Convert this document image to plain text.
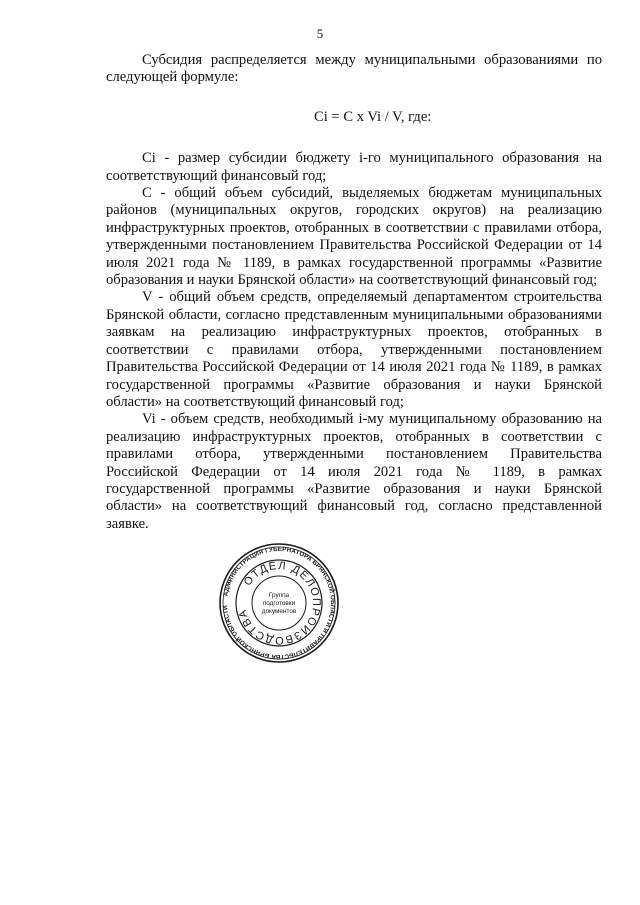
5

Субсидия распределяется между муниципальными образованиями по следующей формуле:

Ci = C x Vi / V, где:

Ci - размер субсидии бюджету i-го муниципального образования на соответствующий финансовый год;

С - общий объем субсидий, выделяемых бюджетам муниципальных районов (муниципальных округов, городских округов) на реализацию инфраструктурных проектов, отобранных в соответствии с правилами отбора, утвержденными постановлением Правительства Российской Федерации от 14 июля 2021 года № 1189, в рамках государственной программы «Развитие образования и науки Брянской области» на соответствующий финансовый год;

V - общий объем средств, определяемый департаментом строительства Брянской области, согласно представленным муниципальными образованиями заявкам на реализацию инфраструктурных проектов, отобранных в соответствии с правилами отбора, утвержденными постановлением Правительства Российской Федерации от 14 июля 2021 года № 1189, в рамках государственной программы «Развитие образования и науки Брянской области» на соответствующий финансовый год;

Vi - объем средств, необходимый i-му муниципальному образованию на реализацию инфраструктурных проектов, отобранных в соответствии с правилами отбора, утвержденными постановлением Правительства Российской Федерации от 14 июля 2021 года № 1189, в рамках государственной программы «Развитие образования и науки Брянской области» на соответствующий финансовый год, согласно представленной заявке.

АДМИНИСТРАЦИЯ ГУБЕРНАТОРА БРЯНСКОЙ ОБЛАСТИ И ПРАВИТЕЛЬСТВА БРЯНСКОЙ ОБЛАСТИ
ОТДЕЛ ДЕЛОПРОИЗВОДСТВА
Группа
подготовки
документов
